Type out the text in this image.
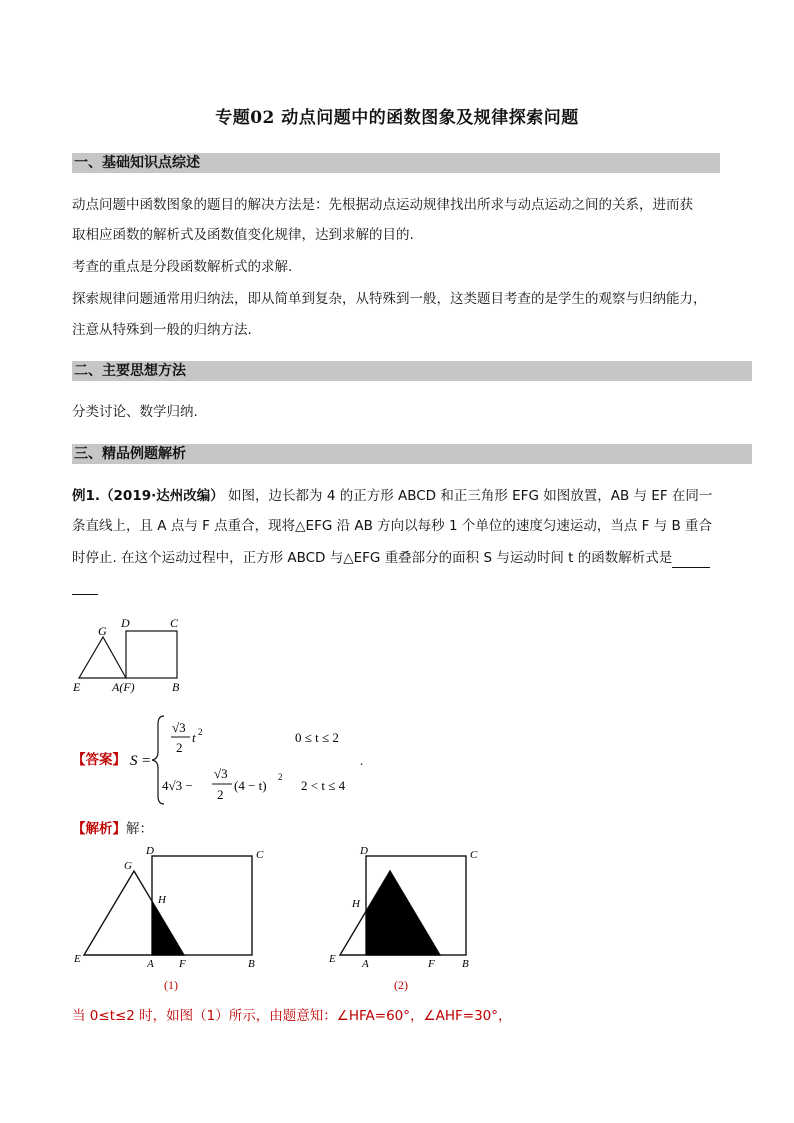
专题02 动点问题中的函数图象及规律探索问题
一、基础知识点综述
动点问题中函数图象的题目的解决方法是：先根据动点运动规律找出所求与动点运动之间的关系，进而获
取相应函数的解析式及函数值变化规律，达到求解的目的.
考查的重点是分段函数解析式的求解.
探索规律问题通常用归纳法，即从简单到复杂，从特殊到一般，这类题目考查的是学生的观察与归纳能力，
注意从特殊到一般的归纳方法.
二、主要思想方法
分类讨论、数学归纳.
三、精品例题解析
例1.（2019·达州改编） 如图，边长都为 4 的正方形 ABCD 和正三角形 EFG 如图放置，AB 与 EF 在同一
条直线上，且 A 点与 F 点重合，现将△EFG 沿 AB 方向以每秒 1 个单位的速度匀速运动，当点 F 与 B 重合
时停止. 在这个运动过程中，正方形 ABCD 与△EFG 重叠部分的面积 S 与运动时间 t 的函数解析式是
G
D	C
E	A(F)	B
【答案】 S =
√3
2
t 2	0 ≤ t ≤ 2
4√3 −
√3
2
(4 − t)
2
2 < t ≤ 4
.
【解析】解：
G
D	C
H
E	A F	B
(1)
D	C
H
E A	F B
(2)
当 0≤t≤2 时，如图（1）所示，由题意知：∠HFA=60°，∠AHF=30°，
